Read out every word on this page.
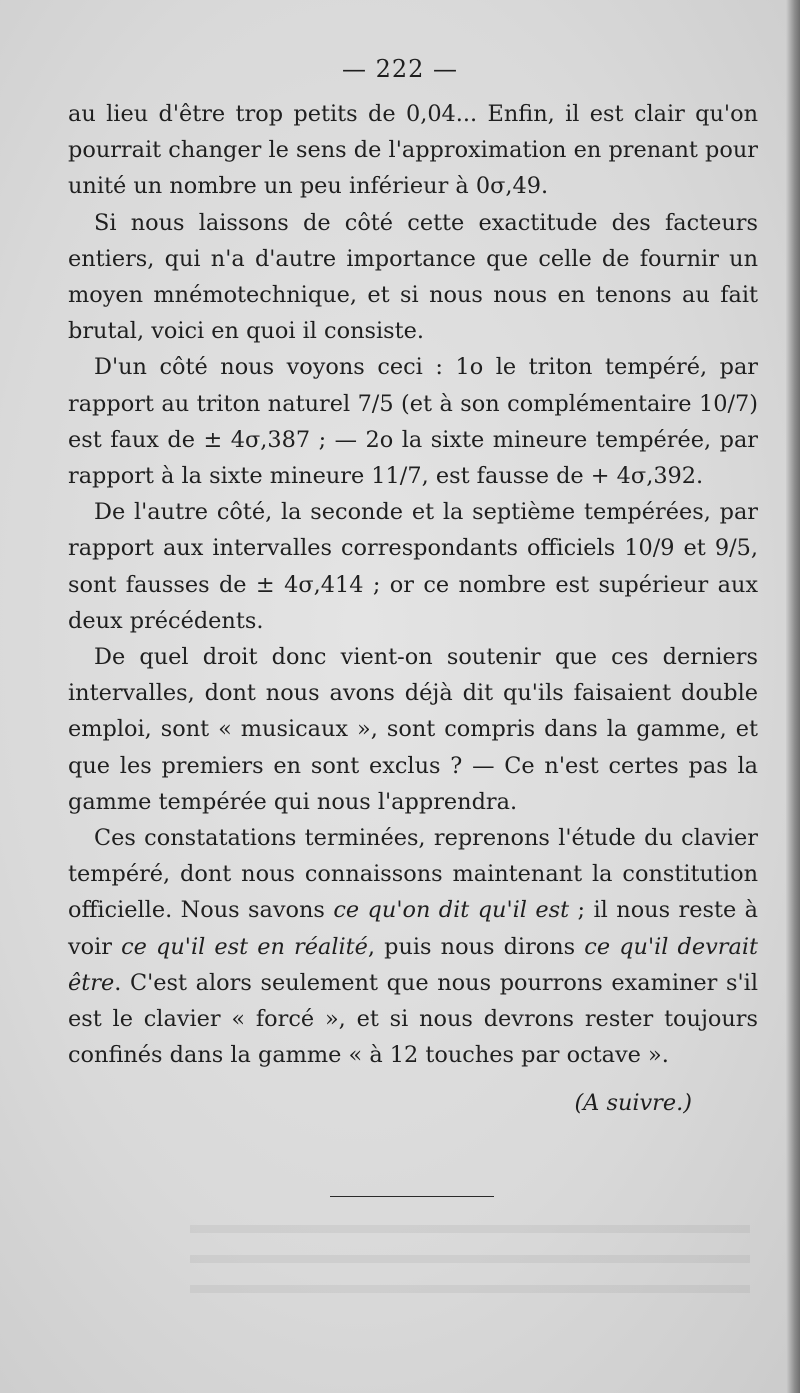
— 222 —

au lieu d'être trop petits de 0,04... Enfin, il est clair qu'on pourrait changer le sens de l'approximation en prenant pour unité un nombre un peu inférieur à 0σ,49.

Si nous laissons de côté cette exactitude des facteurs entiers, qui n'a d'autre importance que celle de fournir un moyen mnémotechnique, et si nous nous en tenons au fait brutal, voici en quoi il consiste.

D'un côté nous voyons ceci : 1o le triton tempéré, par rapport au triton naturel 7/5 (et à son complémentaire 10/7) est faux de ± 4σ,387 ; — 2o la sixte mineure tempérée, par rapport à la sixte mineure 11/7, est fausse de + 4σ,392.

De l'autre côté, la seconde et la septième tempérées, par rapport aux intervalles correspondants officiels 10/9 et 9/5, sont fausses de ± 4σ,414 ; or ce nombre est supérieur aux deux précédents.

De quel droit donc vient-on soutenir que ces derniers intervalles, dont nous avons déjà dit qu'ils faisaient double emploi, sont « musicaux », sont compris dans la gamme, et que les premiers en sont exclus ? — Ce n'est certes pas la gamme tempérée qui nous l'apprendra.

Ces constatations terminées, reprenons l'étude du clavier tempéré, dont nous connaissons maintenant la constitution officielle. Nous savons ce qu'on dit qu'il est ; il nous reste à voir ce qu'il est en réalité, puis nous dirons ce qu'il devrait être. C'est alors seulement que nous pourrons examiner s'il est le clavier « forcé », et si nous devrons rester toujours confinés dans la gamme « à 12 touches par octave ».

(A suivre.)
